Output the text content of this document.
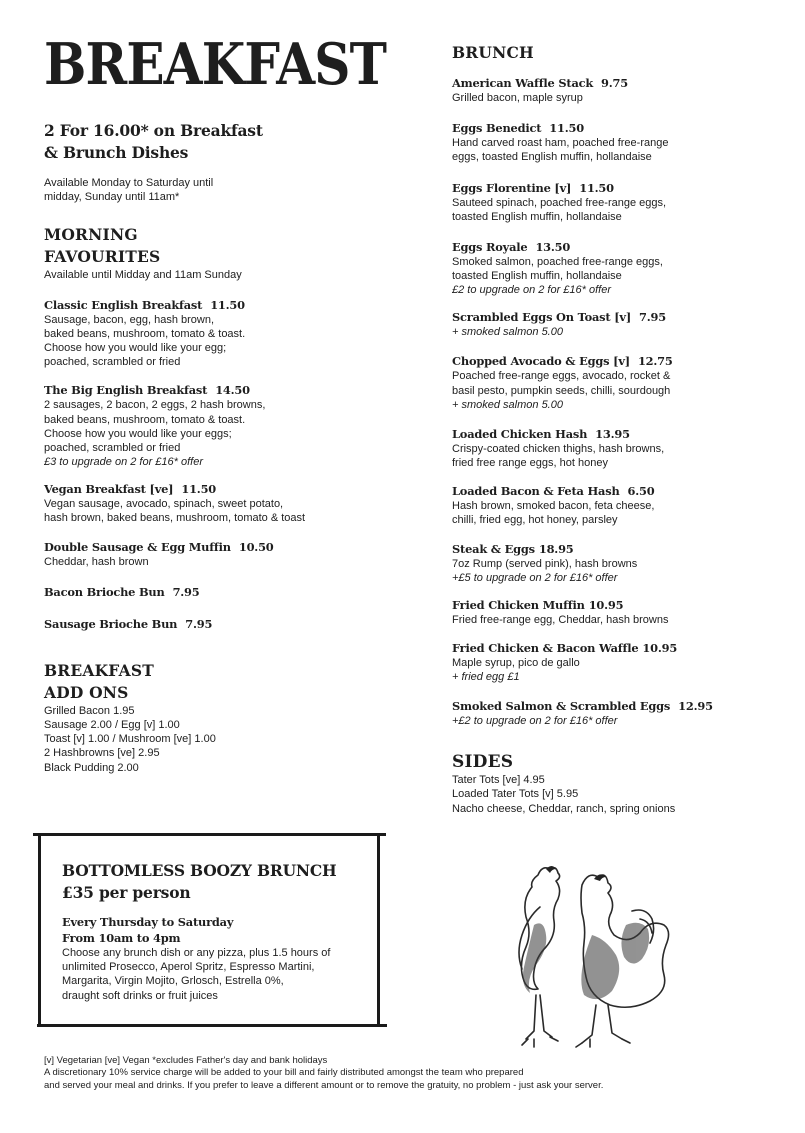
BREAKFAST
2 For 16.00* on Breakfast
& Brunch Dishes
Available Monday to Saturday until
midday, Sunday until 11am*
MORNING
FAVOURITES
Available until Midday and 11am Sunday
Classic English Breakfast 11.50
Sausage, bacon, egg, hash brown,
baked beans, mushroom, tomato & toast.
Choose how you would like your egg;
poached, scrambled or fried
The Big English Breakfast 14.50
2 sausages, 2 bacon, 2 eggs, 2 hash browns,
baked beans, mushroom, tomato & toast.
Choose how you would like your eggs;
poached, scrambled or fried
£3 to upgrade on 2 for £16* offer
Vegan Breakfast [ve] 11.50
Vegan sausage, avocado, spinach, sweet potato,
hash brown, baked beans, mushroom, tomato & toast
Double Sausage & Egg Muffin 10.50
Cheddar, hash brown
Bacon Brioche Bun 7.95
Sausage Brioche Bun 7.95
BREAKFAST
ADD ONS
Grilled Bacon 1.95
Sausage 2.00 / Egg [v] 1.00
Toast [v] 1.00 / Mushroom [ve] 1.00
2 Hashbrowns [ve] 2.95
Black Pudding 2.00
BOTTOMLESS BOOZY BRUNCH
£35 per person
Every Thursday to Saturday
From 10am to 4pm
Choose any brunch dish or any pizza, plus 1.5 hours of
unlimited Prosecco, Aperol Spritz, Espresso Martini,
Margarita, Virgin Mojito, Grlosch, Estrella 0%,
draught soft drinks or fruit juices
BRUNCH
American Waffle Stack 9.75
Grilled bacon, maple syrup
Eggs Benedict 11.50
Hand carved roast ham, poached free-range
eggs, toasted English muffin, hollandaise
Eggs Florentine [v] 11.50
Sauteed spinach, poached free-range eggs,
toasted English muffin, hollandaise
Eggs Royale 13.50
Smoked salmon, poached free-range eggs,
toasted English muffin, hollandaise
£2 to upgrade on 2 for £16* offer
Scrambled Eggs On Toast [v] 7.95
+ smoked salmon 5.00
Chopped Avocado & Eggs [v] 12.75
Poached free-range eggs, avocado, rocket &
basil pesto, pumpkin seeds, chilli, sourdough
+ smoked salmon 5.00
Loaded Chicken Hash 13.95
Crispy-coated chicken thighs, hash browns,
fried free range eggs, hot honey
Loaded Bacon & Feta Hash 6.50
Hash brown, smoked bacon, feta cheese,
chilli, fried egg, hot honey, parsley
Steak & Eggs 18.95
7oz Rump (served pink), hash browns
+£5 to upgrade on 2 for £16* offer
Fried Chicken Muffin 10.95
Fried free-range egg, Cheddar, hash browns
Fried Chicken & Bacon Waffle 10.95
Maple syrup, pico de gallo
+ fried egg £1
Smoked Salmon & Scrambled Eggs 12.95
+£2 to upgrade on 2 for £16* offer
SIDES
Tater Tots [ve] 4.95
Loaded Tater Tots [v] 5.95
Nacho cheese, Cheddar, ranch, spring onions
[v] Vegetarian [ve] Vegan *excludes Father's day and bank holidays
A discretionary 10% service charge will be added to your bill and fairly distributed amongst the team who prepared
and served your meal and drinks. If you prefer to leave a different amount or to remove the gratuity, no problem - just ask your server.
